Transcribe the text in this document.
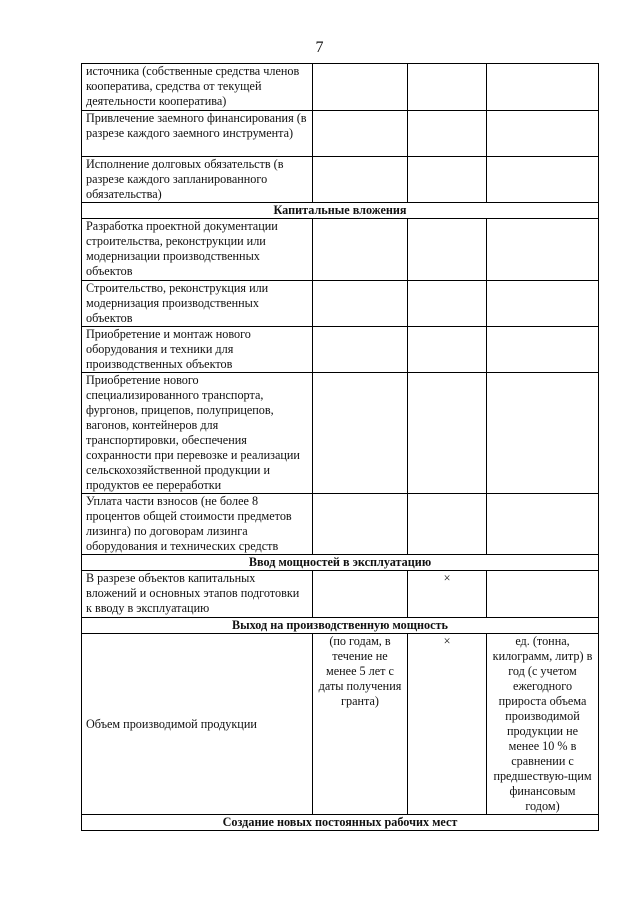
7
источника (собственные средства членов кооператива, средства от текущей деятельности кооператива)			
Привлечение заемного финансирования (в разрезе каждого заемного инструмента)			
Исполнение долговых обязательств (в разрезе каждого запланированного обязательства)			
Капитальные вложения			
Разработка проектной документации строительства, реконструкции или модернизации производственных объектов			
Строительство, реконструкция или модернизация производственных объектов			
Приобретение и монтаж нового оборудования и техники для производственных объектов			
Приобретение нового специализированного транспорта, фургонов, прицепов, полуприцепов, вагонов, контейнеров для транспортировки, обеспечения сохранности при перевозке и реализации сельскохозяйственной продукции и продуктов ее переработки			
Уплата части взносов (не более 8 процентов общей стоимости предметов лизинга) по договорам лизинга оборудования и технических средств			
Ввод мощностей в эксплуатацию			
В разрезе объектов капитальных вложений и основных этапов подготовки к вводу в эксплуатацию		×	
Выход на производственную мощность			
Объем производимой продукции	(по годам, в течение не менее 5 лет с даты получения гранта)	×	ед. (тонна, килограмм, литр) в год (с учетом ежегодного прироста объема производимой продукции не менее 10 % в сравнении с предшествую-щим финансовым годом)
Создание новых постоянных рабочих мест			
